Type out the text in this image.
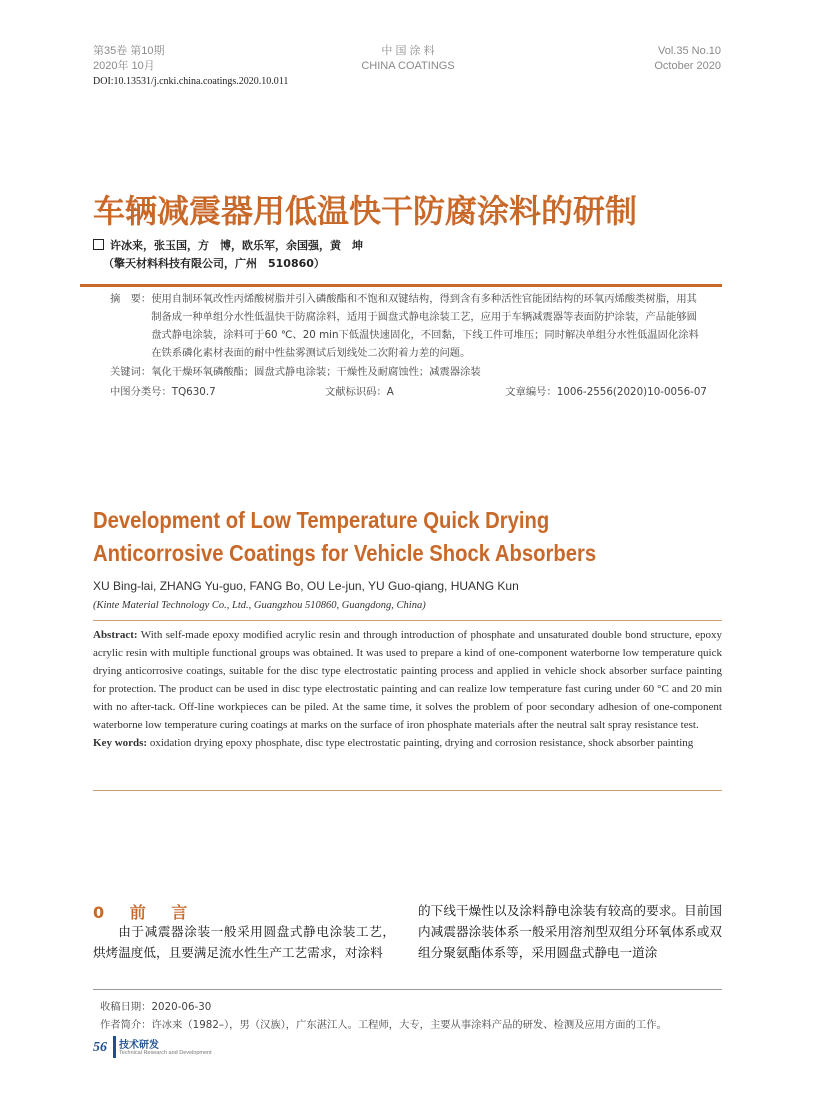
第35卷 第10期
2020年 10月
中 国 涂 料
CHINA COATINGS
Vol.35 No.10
October 2020
DOI:10.13531/j.cnki.china.coatings.2020.10.011
车辆减震器用低温快干防腐涂料的研制
许冰来，张玉国，方　博，欧乐军，余国强，黄　坤
（擎天材料科技有限公司，广州　510860）
摘　要： 使用自制环氧改性丙烯酸树脂并引入磷酸酯和不饱和双键结构，得到含有多种活性官能团结构的环氧丙烯酸类树脂，用其制备成一种单组分水性低温快干防腐涂料，适用于圆盘式静电涂装工艺，应用于车辆减震器等表面防护涂装，产品能够圆盘式静电涂装，涂料可于60 ℃、20 min下低温快速固化，不回黏，下线工件可堆压；同时解决单组分水性低温固化涂料在铁系磷化素材表面的耐中性盐雾测试后划线处二次附着力差的问题。
关键词：氧化干燥环氧磷酸酯；圆盘式静电涂装；干燥性及耐腐蚀性；减震器涂装
中图分类号：TQ630.7	文献标识码：A	文章编号：1006-2556(2020)10-0056-07
Development of Low Temperature Quick Drying
Anticorrosive Coatings for Vehicle Shock Absorbers
XU Bing-lai, ZHANG Yu-guo, FANG Bo, OU Le-jun, YU Guo-qiang, HUANG Kun
(Kinte Material Technology Co., Ltd., Guangzhou 510860, Guangdong, China)
Abstract: With self-made epoxy modified acrylic resin and through introduction of phosphate and unsaturated double bond structure, epoxy acrylic resin with multiple functional groups was obtained. It was used to prepare a kind of one-component waterborne low temperature quick drying anticorrosive coatings, suitable for the disc type electrostatic painting process and applied in vehicle shock absorber surface painting for protection. The product can be used in disc type electrostatic painting and can realize low temperature fast curing under 60 °C and 20 min with no after-tack. Off-line workpieces can be piled. At the same time, it solves the problem of poor secondary adhesion of one-component waterborne low temperature curing coatings at marks on the surface of iron phosphate materials after the neutral salt spray resistance test.
Key words: oxidation drying epoxy phosphate, disc type electrostatic painting, drying and corrosion resistance, shock absorber painting
0 前 言
由于减震器涂装一般采用圆盘式静电涂装工艺，烘烤温度低，且要满足流水性生产工艺需求，对涂料
的下线干燥性以及涂料静电涂装有较高的要求。目前国内减震器涂装体系一般采用溶剂型双组分环氧体系或双组分聚氨酯体系等，采用圆盘式静电一道涂
收稿日期：2020-06-30
作者简介：许冰来（1982–），男（汉族），广东湛江人。工程师，大专，主要从事涂料产品的研发、检测及应用方面的工作。
56 技术研发
Technical Research and Development
